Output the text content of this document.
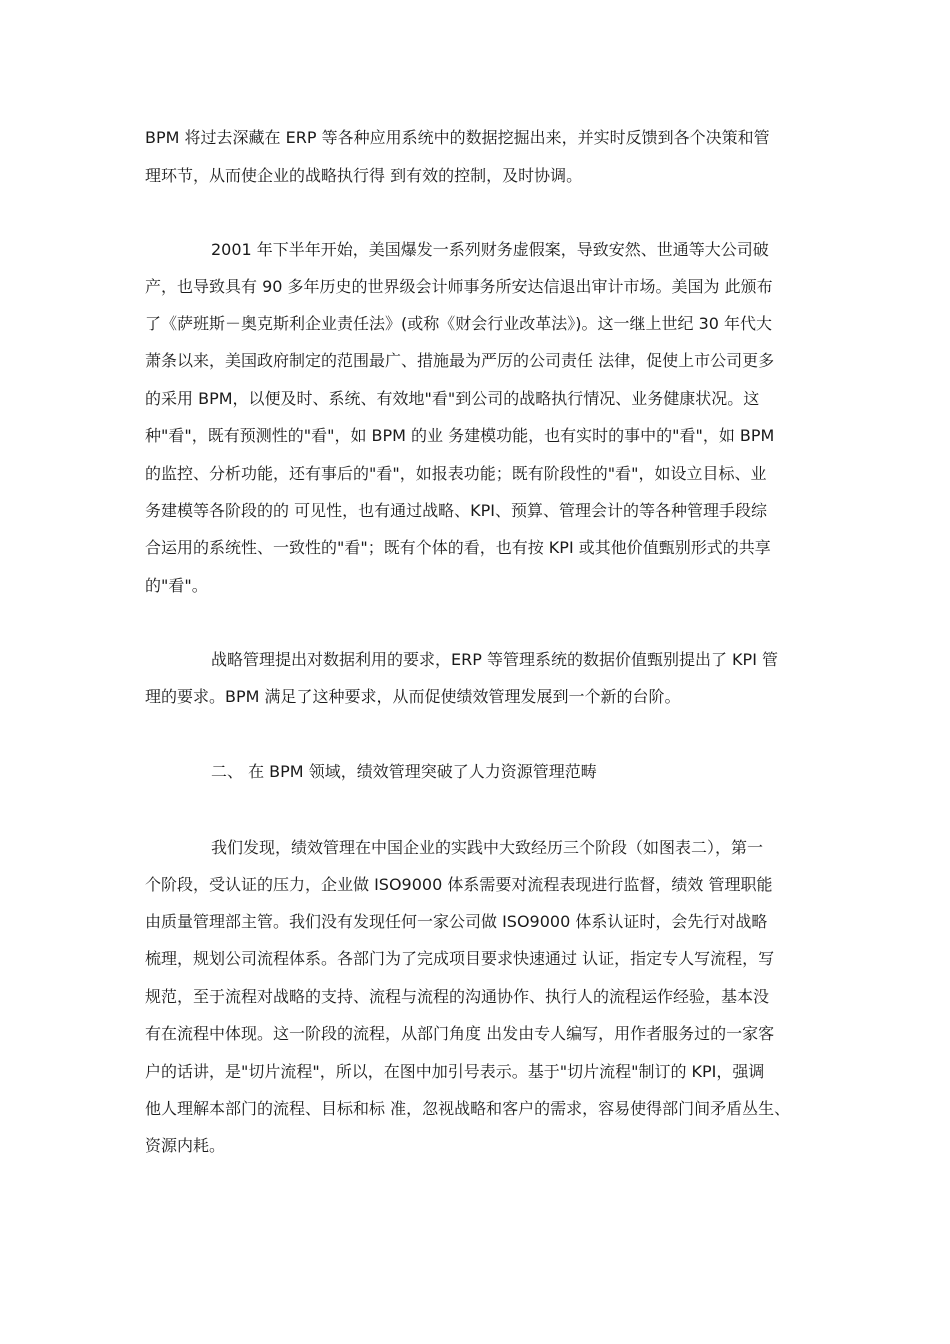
BPM 将过去深藏在 ERP 等各种应用系统中的数据挖掘出来，并实时反馈到各个决策和管
理环节，从而使企业的战略执行得 到有效的控制，及时协调。
2001 年下半年开始，美国爆发一系列财务虚假案，导致安然、世通等大公司破
产，也导致具有 90 多年历史的世界级会计师事务所安达信退出审计市场。美国为 此颁布
了《萨班斯－奥克斯利企业责任法》(或称《财会行业改革法》)。这一继上世纪 30 年代大
萧条以来，美国政府制定的范围最广、措施最为严厉的公司责任 法律，促使上市公司更多
的采用 BPM，以便及时、系统、有效地"看"到公司的战略执行情况、业务健康状况。这
种"看"，既有预测性的"看"，如 BPM 的业 务建模功能，也有实时的事中的"看"，如 BPM
的监控、分析功能，还有事后的"看"，如报表功能；既有阶段性的"看"，如设立目标、业
务建模等各阶段的的 可见性，也有通过战略、KPI、预算、管理会计的等各种管理手段综
合运用的系统性、一致性的"看"；既有个体的看，也有按 KPI 或其他价值甄别形式的共享
的"看"。
战略管理提出对数据利用的要求，ERP 等管理系统的数据价值甄别提出了 KPI 管
理的要求。BPM 满足了这种要求，从而促使绩效管理发展到一个新的台阶。
二、 在 BPM 领域，绩效管理突破了人力资源管理范畴
我们发现，绩效管理在中国企业的实践中大致经历三个阶段（如图表二），第一
个阶段，受认证的压力，企业做 ISO9000 体系需要对流程表现进行监督，绩效 管理职能
由质量管理部主管。我们没有发现任何一家公司做 ISO9000 体系认证时，会先行对战略
梳理，规划公司流程体系。各部门为了完成项目要求快速通过 认证，指定专人写流程，写
规范，至于流程对战略的支持、流程与流程的沟通协作、执行人的流程运作经验，基本没
有在流程中体现。这一阶段的流程，从部门角度 出发由专人编写，用作者服务过的一家客
户的话讲，是"切片流程"，所以，在图中加引号表示。基于"切片流程"制订的 KPI，强调
他人理解本部门的流程、目标和标 准，忽视战略和客户的需求，容易使得部门间矛盾丛生、
资源内耗。
